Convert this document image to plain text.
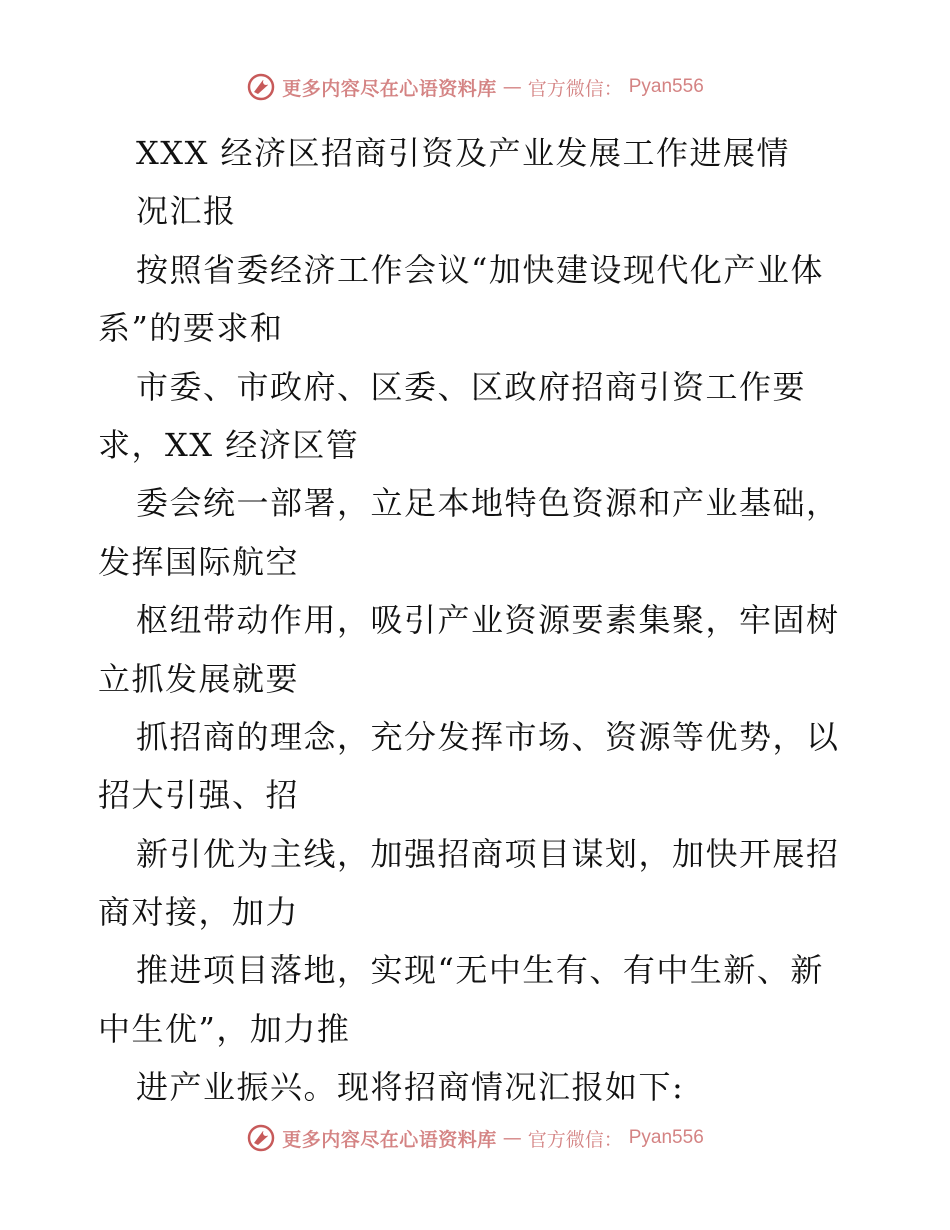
更多内容尽在心语资料库 — 官方微信： Pyan556
XXX 经济区招商引资及产业发展工作进展情
况汇报
按照省委经济工作会议“加快建设现代化产业体
系”的要求和
市委、市政府、区委、区政府招商引资工作要
求，XX 经济区管
委会统一部署，立足本地特色资源和产业基础，
发挥国际航空
枢纽带动作用，吸引产业资源要素集聚，牢固树
立抓发展就要
抓招商的理念，充分发挥市场、资源等优势，以
招大引强、招
新引优为主线，加强招商项目谋划，加快开展招
商对接，加力
推进项目落地，实现“无中生有、有中生新、新
中生优”，加力推
进产业振兴。现将招商情况汇报如下:
更多内容尽在心语资料库 — 官方微信： Pyan556
